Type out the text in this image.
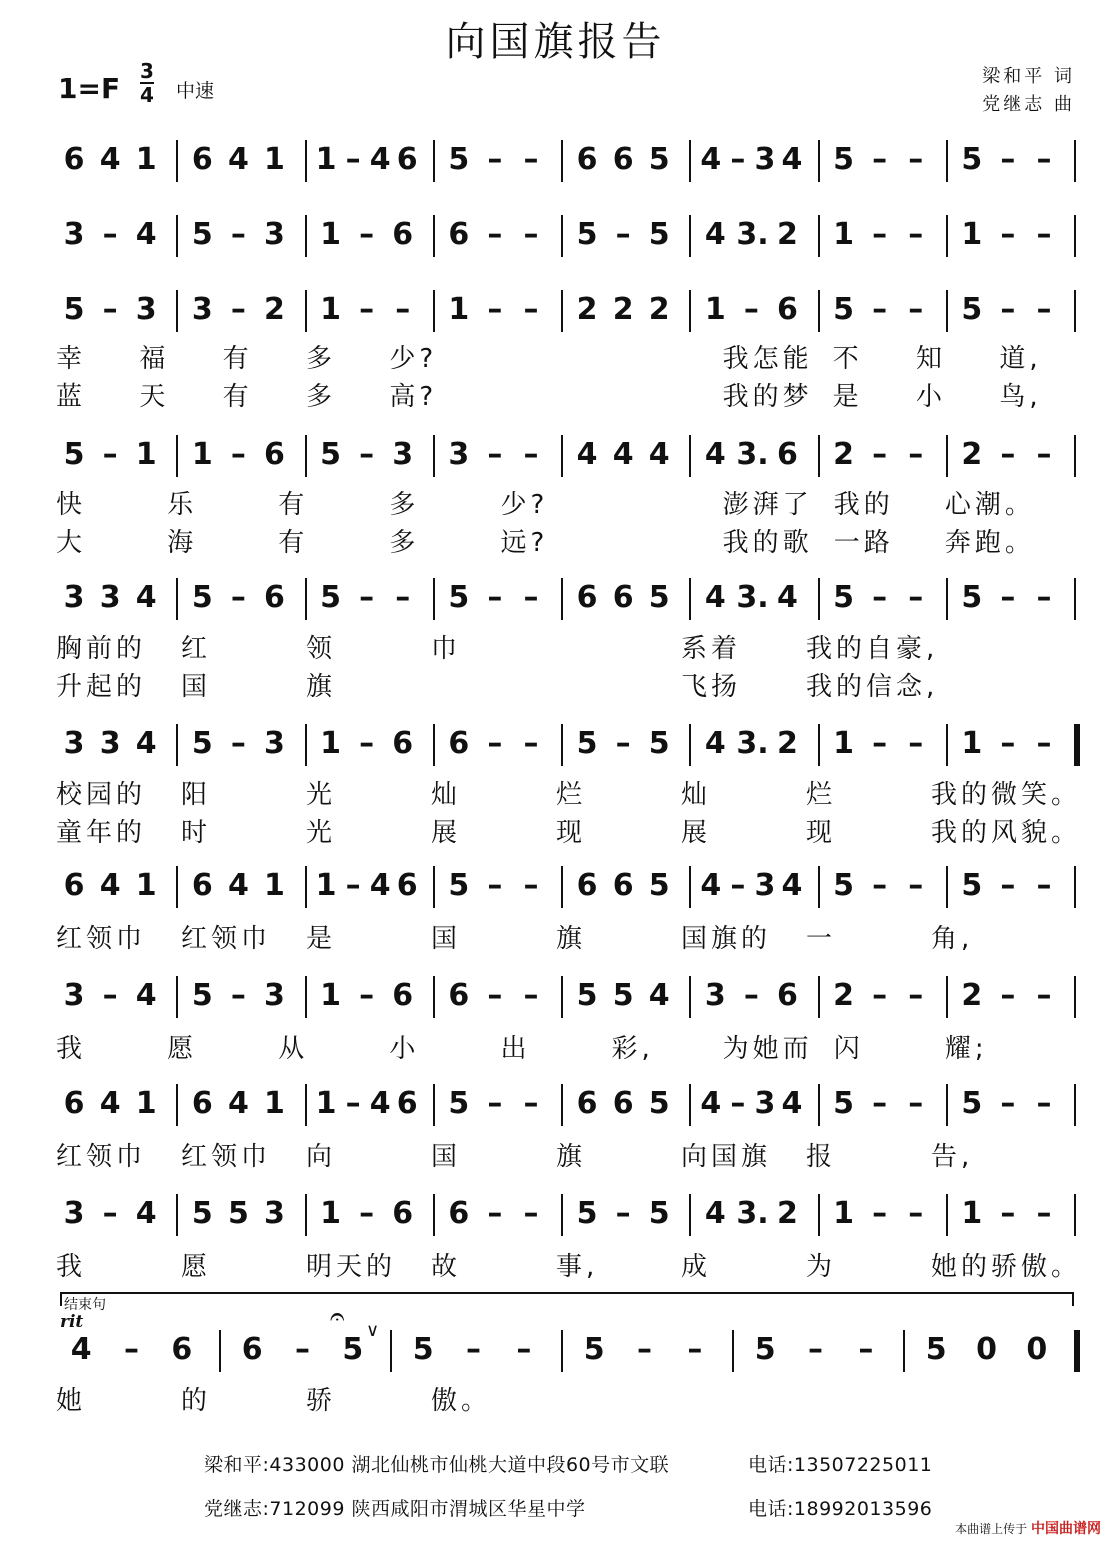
向国旗报告
1=F
3
4 中速
梁和平 词
党继志 曲
6 4 1 6 4 1 1 – 4 6 5 – – 6 6 5 4 – 3 4 5 – – 5 – –
3 – 4 5 – 3 1 – 6 6 – – 5 – 5 4 3. 2 1 – – 1 – –
5 – 3 3 – 2 1 – – 1 – – 2 2 2 1 – 6 5 – – 5 – –
5 – 1 1 – 6 5 – 3 3 – – 4 4 4 4 3. 6 2 – – 2 – –
3 3 4 5 – 6 5 – – 5 – – 6 6 5 4 3. 4 5 – – 5 – –
3 3 4 5 – 3 1 – 6 6 – – 5 – 5 4 3. 2 1 – – 1 – –
6 4 1 6 4 1 1 – 4 6 5 – – 6 6 5 4 – 3 4 5 – – 5 – –
3 – 4 5 – 3 1 – 6 6 – – 5 5 4 3 – 6 2 – – 2 – –
6 4 1 6 4 1 1 – 4 6 5 – – 6 6 5 4 – 3 4 5 – – 5 – –
3 – 4 5 5 3 1 – 6 6 – – 5 – 5 4 3. 2 1 – – 1 – –
4 – 6 6 – 5 5 – – 5 – – 5 – – 5 0 0
幸 福 有 多 少?	我怎能 不 知 道,
蓝 天 有 多 高?	我的梦 是 小 鸟,
快	乐	有	多	少?	澎湃了 我的 心潮。
大	海	有	多	远?	我的歌 一路 奔跑。
胸前的 红	领	巾	系着 我的自豪,
升起的 国	旗	飞扬 我的信念,
校园的 阳	光	灿	烂	灿	烂	我的微笑。
童年的 时	光	展	现	展	现	我的风貌。
红领巾 红领巾 是	国	旗	国旗的 一	角,
我	愿	从	小	出	彩,	为她而 闪	耀;
红领巾 红领巾 向	国	旗	向国旗 报	告,
我	愿	明天的 故	事,	成	为	她的骄傲。
她	的	骄	傲。
结束句
rit	𝄐 ∨
梁和平:433000 湖北仙桃市仙桃大道中段60号市文联	电话:13507225011
党继志:712099 陕西咸阳市渭城区华星中学	电话:18992013596
本曲谱上传于 中国曲谱网
